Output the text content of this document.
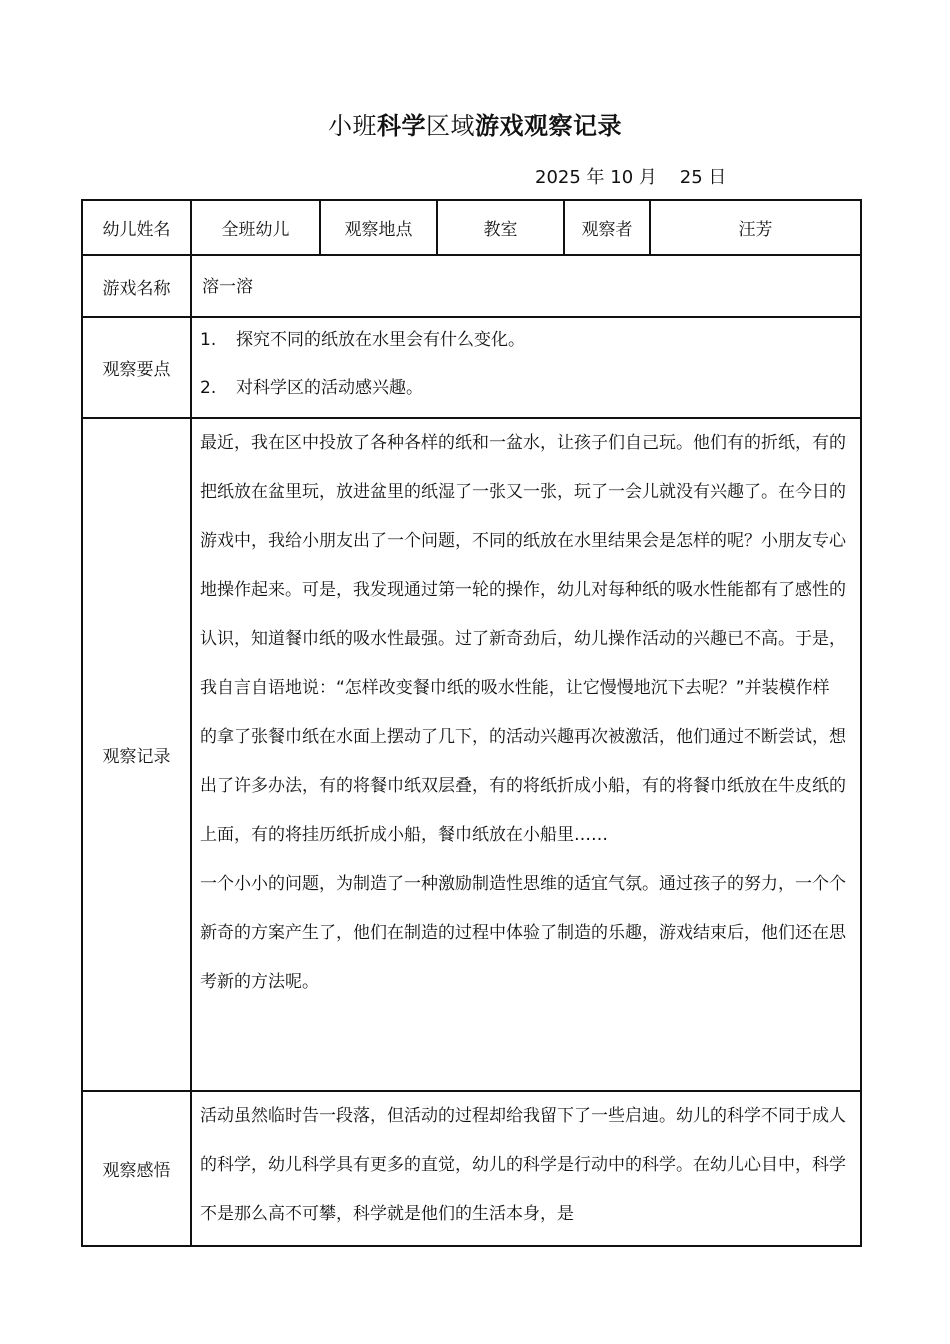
小班科学区域游戏观察记录
2025 年 10 月    25 日
幼儿姓名	全班幼儿	观察地点	教室	观察者	汪芳
游戏名称	溶一溶				
观察要点	1. 探究不同的纸放在水里会有什么变化。
2. 对科学区的活动感兴趣。				

观察记录	最近，我在区中投放了各种各样的纸和一盆水，让孩子们自己玩。他们有的折纸，有的把纸放在盆里玩，放进盆里的纸湿了一张又一张，玩了一会儿就没有兴趣了。在今日的游戏中，我给小朋友出了一个问题，不同的纸放在水里结果会是怎样的呢？小朋友专心地操作起来。可是，我发现通过第一轮的操作，幼儿对每种纸的吸水性能都有了感性的认识，知道餐巾纸的吸水性最强。过了新奇劲后，幼儿操作活动的兴趣已不高。于是，我自言自语地说：“怎样改变餐巾纸的吸水性能，让它慢慢地沉下去呢？”并装模作样的拿了张餐巾纸在水面上摆动了几下，的活动兴趣再次被激活，他们通过不断尝试，想出了许多办法，有的将餐巾纸双层叠，有的将纸折成小船，有的将餐巾纸放在牛皮纸的上面，有的将挂历纸折成小船，餐巾纸放在小船里……

一个小小的问题，为制造了一种激励制造性思维的适宜气氛。通过孩子的努力，一个个新奇的方案产生了，他们在制造的过程中体验了制造的乐趣，游戏结束后，他们还在思考新的方法呢。				

观察感悟	活动虽然临时告一段落，但活动的过程却给我留下了一些启迪。幼儿的科学不同于成人的科学，幼儿科学具有更多的直觉，幼儿的科学是行动中的科学。在幼儿心目中，科学不是那么高不可攀，科学就是他们的生活本身，是				
